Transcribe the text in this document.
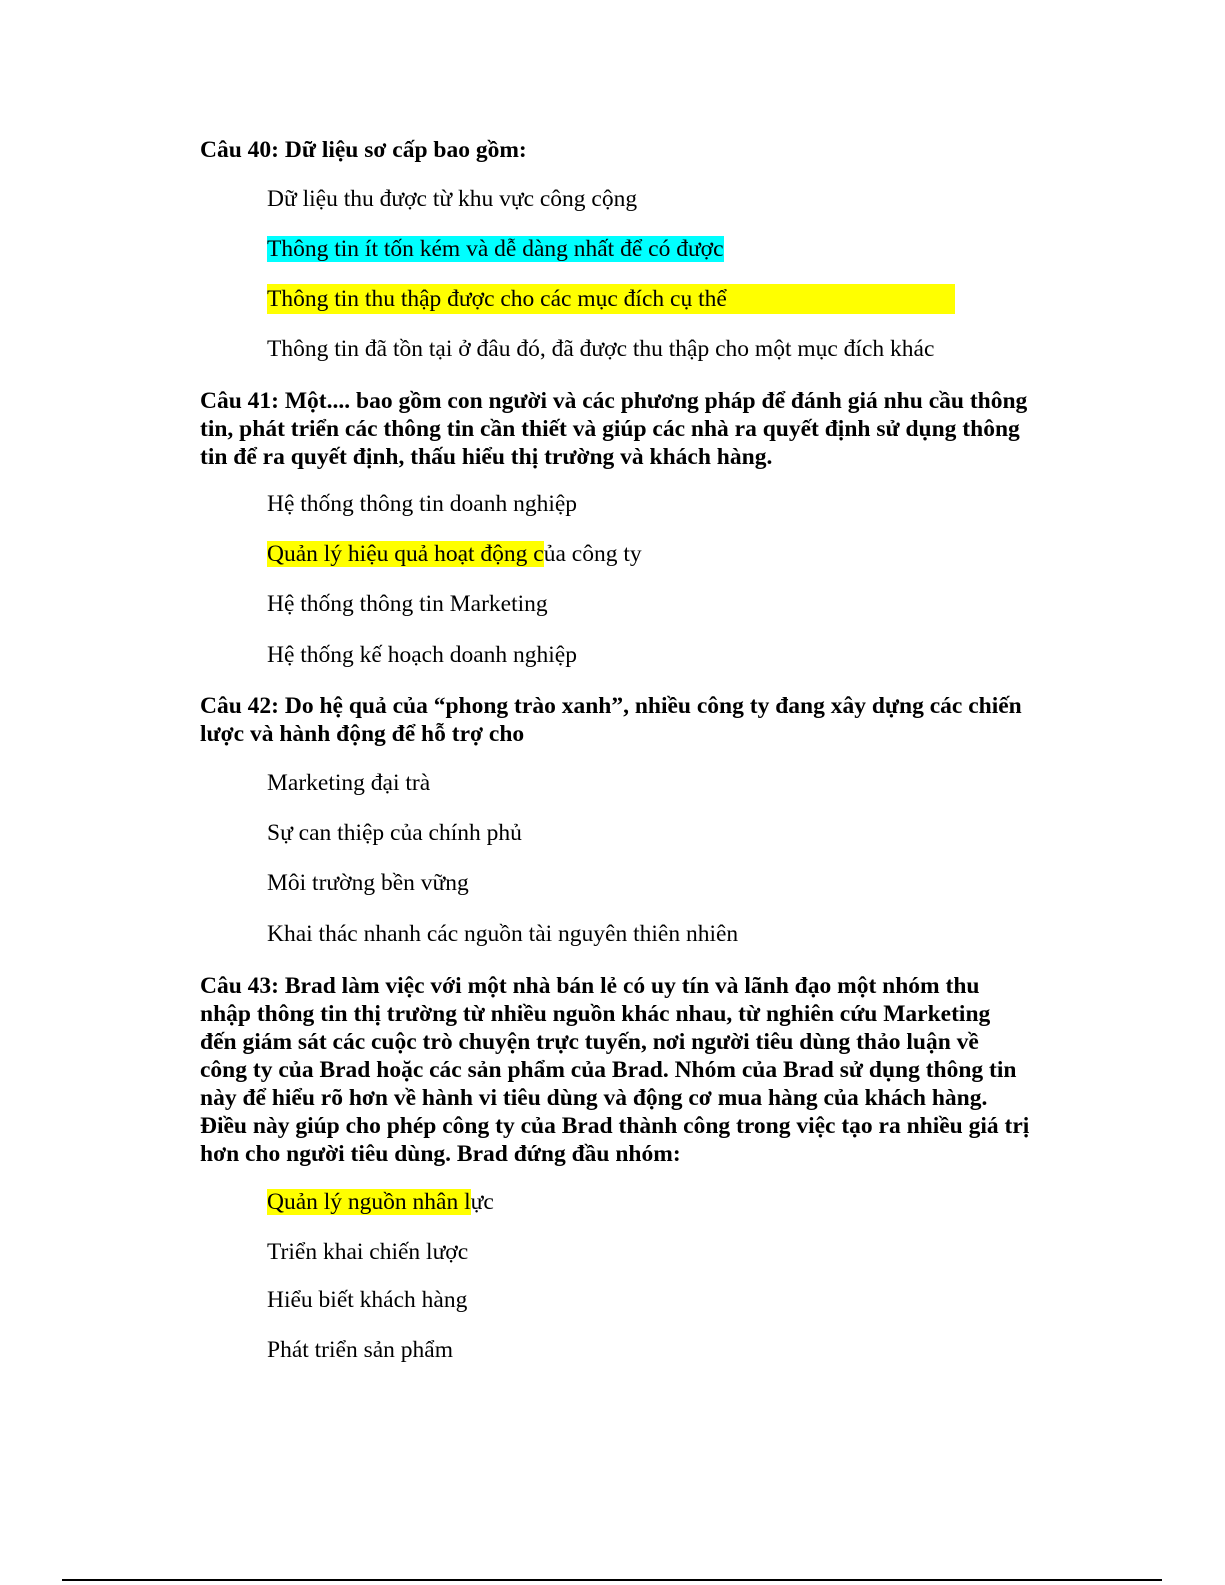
Câu 40: Dữ liệu sơ cấp bao gồm:

Dữ liệu thu được từ khu vực công cộng

Thông tin ít tốn kém và dễ dàng nhất để có được

Thông tin thu thập được cho các mục đích cụ thể

Thông tin đã tồn tại ở đâu đó, đã được thu thập cho một mục đích khác

Câu 41: Một.... bao gồm con người và các phương pháp để đánh giá nhu cầu thông tin, phát triển các thông tin cần thiết và giúp các nhà ra quyết định sử dụng thông tin để ra quyết định, thấu hiểu thị trường và khách hàng.

Hệ thống thông tin doanh nghiệp

Quản lý hiệu quả hoạt động của công ty

Hệ thống thông tin Marketing

Hệ thống kế hoạch doanh nghiệp

Câu 42: Do hệ quả của “phong trào xanh”, nhiều công ty đang xây dựng các chiến lược và hành động để hỗ trợ cho

Marketing đại trà

Sự can thiệp của chính phủ

Môi trường bền vững

Khai thác nhanh các nguồn tài nguyên thiên nhiên

Câu 43: Brad làm việc với một nhà bán lẻ có uy tín và lãnh đạo một nhóm thu nhập thông tin thị trường từ nhiều nguồn khác nhau, từ nghiên cứu Marketing đến giám sát các cuộc trò chuyện trực tuyến, nơi người tiêu dùng thảo luận về công ty của Brad hoặc các sản phẩm của Brad. Nhóm của Brad sử dụng thông tin này để hiểu rõ hơn về hành vi tiêu dùng và động cơ mua hàng của khách hàng. Điều này giúp cho phép công ty của Brad thành công trong việc tạo ra nhiều giá trị hơn cho người tiêu dùng. Brad đứng đầu nhóm:

Quản lý nguồn nhân lực

Triển khai chiến lược

Hiểu biết khách hàng

Phát triển sản phẩm
